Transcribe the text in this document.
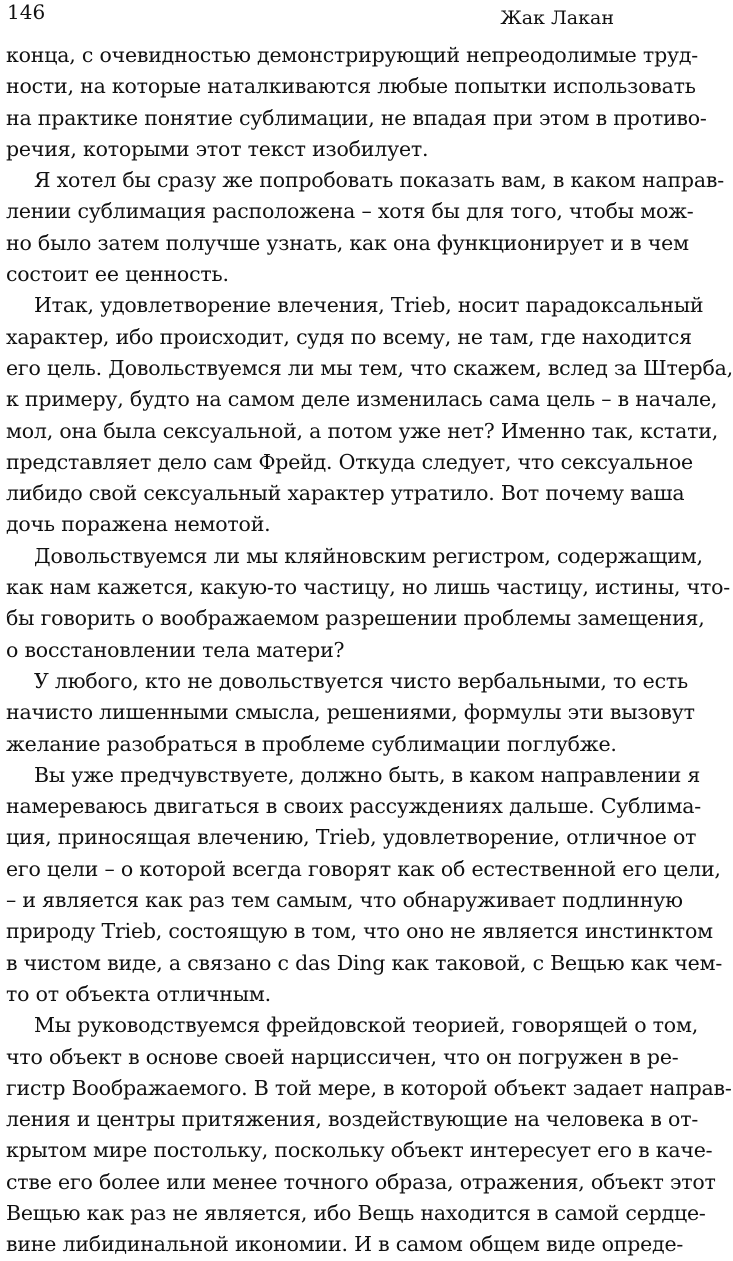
146	Жак Лакан

конца, с очевидностью демонстрирующий непреодолимые труд-
ности, на которые наталкиваются любые попытки использовать
на практике понятие сублимации, не впадая при этом в противо-
речия, которыми этот текст изобилует.

Я хотел бы сразу же попробовать показать вам, в каком направ-
лении сублимация расположена – хотя бы для того, чтобы мож-
но было затем получше узнать, как она функционирует и в чем
состоит ее ценность.

Итак, удовлетворение влечения, Trieb, носит парадоксальный
характер, ибо происходит, судя по всему, не там, где находится
его цель. Довольствуемся ли мы тем, что скажем, вслед за Штерба,
к примеру, будто на самом деле изменилась сама цель – в начале,
мол, она была сексуальной, а потом уже нет? Именно так, кстати,
представляет дело сам Фрейд. Откуда следует, что сексуальное
либидо свой сексуальный характер утратило. Вот почему ваша
дочь поражена немотой.

Довольствуемся ли мы кляйновским регистром, содержащим,
как нам кажется, какую-то частицу, но лишь частицу, истины, что-
бы говорить о воображаемом разрешении проблемы замещения,
о восстановлении тела матери?

У любого, кто не довольствуется чисто вербальными, то есть
начисто лишенными смысла, решениями, формулы эти вызовут
желание разобраться в проблеме сублимации поглубже.

Вы уже предчувствуете, должно быть, в каком направлении я
намереваюсь двигаться в своих рассуждениях дальше. Сублима-
ция, приносящая влечению, Trieb, удовлетворение, отличное от
его цели – о которой всегда говорят как об естественной его цели,
– и является как раз тем самым, что обнаруживает подлинную
природу Trieb, состоящую в том, что оно не является инстинктом
в чистом виде, а связано с das Ding как таковой, с Вещью как чем-
то от объекта отличным.

Мы руководствуемся фрейдовской теорией, говорящей о том,
что объект в основе своей нарциссичен, что он погружен в ре-
гистр Воображаемого. В той мере, в которой объект задает направ-
ления и центры притяжения, воздействующие на человека в от-
крытом мире постольку, поскольку объект интересует его в каче-
стве его более или менее точного образа, отражения, объект этот
Вещью как раз не является, ибо Вещь находится в самой сердце-
вине либидинальной икономии. И в самом общем виде опреде-
